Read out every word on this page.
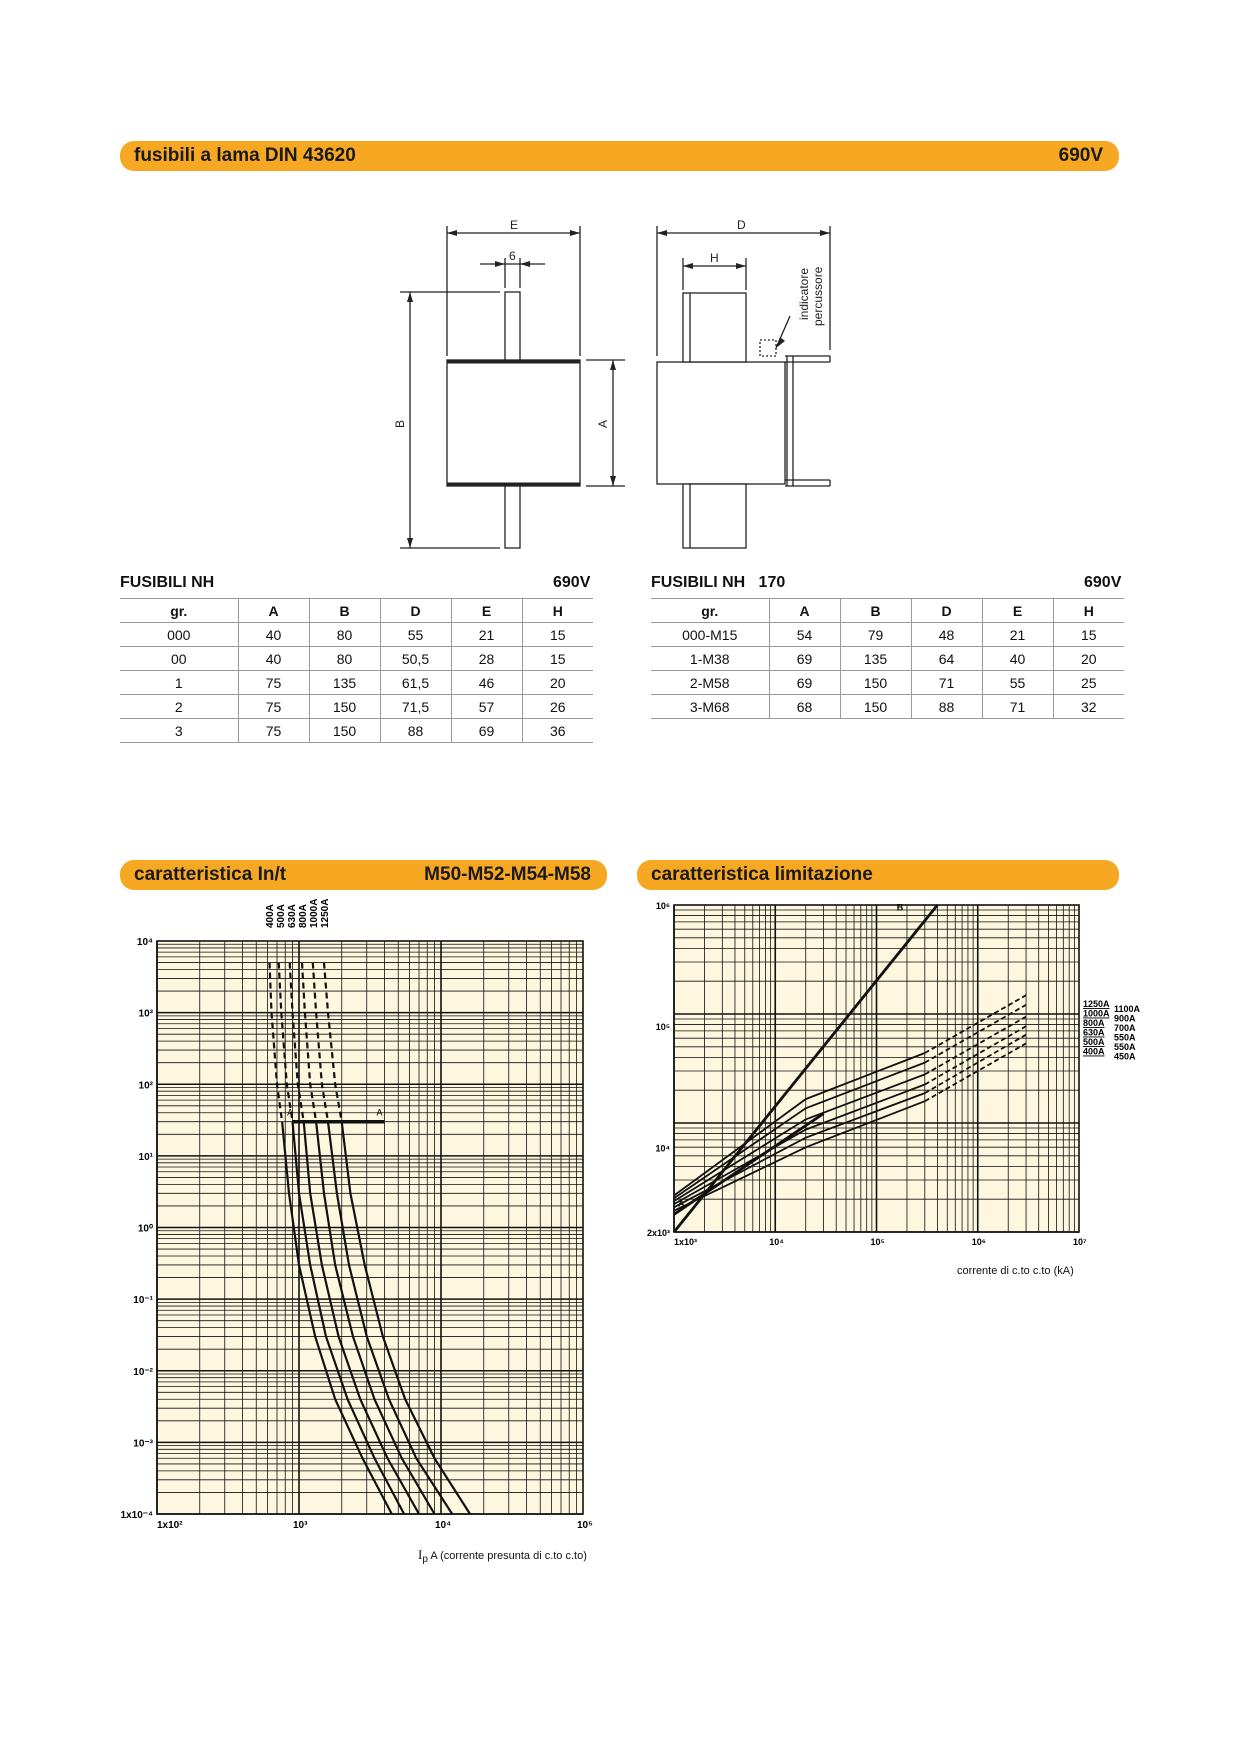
fusibili a lama DIN 43620	690V
E
6
B	A
D
H
indicatore percussore
FUSIBILI NH	690V
gr.	A	B	D	E	H
000	40	80	55	21	15
00	40	80	50,5	28	15
1	75	135	61,5	46	20
2	75	150	71,5	57	26
3	75	150	88	69	36
FUSIBILI NH   170	690V
gr.	A	B	D	E	H
000-M15	54	79	48	21	15
1-M38	69	135	64	40	20
2-M58	69	150	71	55	25
3-M68	68	150	88	71	32
caratteristica In/t	M50-M52-M54-M58	caratteristica limitazione
400A 500A 630A 800A 1000A 1250A
A	A
10⁴
10³
10²
10¹
10⁰
10⁻¹
10⁻²
10⁻³
1x10⁻⁴
1x10²	10³	10⁴	10⁵
A
B
1250A 1100A
1000A 900A
800A 700A
630A 550A
500A 550A
400A 450A
10⁶
10⁵
10⁴
2x10³
1x10³	10⁴	10⁵	10⁶	10⁷
$I_p$ A (corrente presunta di c.to c.to)
corrente di c.to c.to (kA)
